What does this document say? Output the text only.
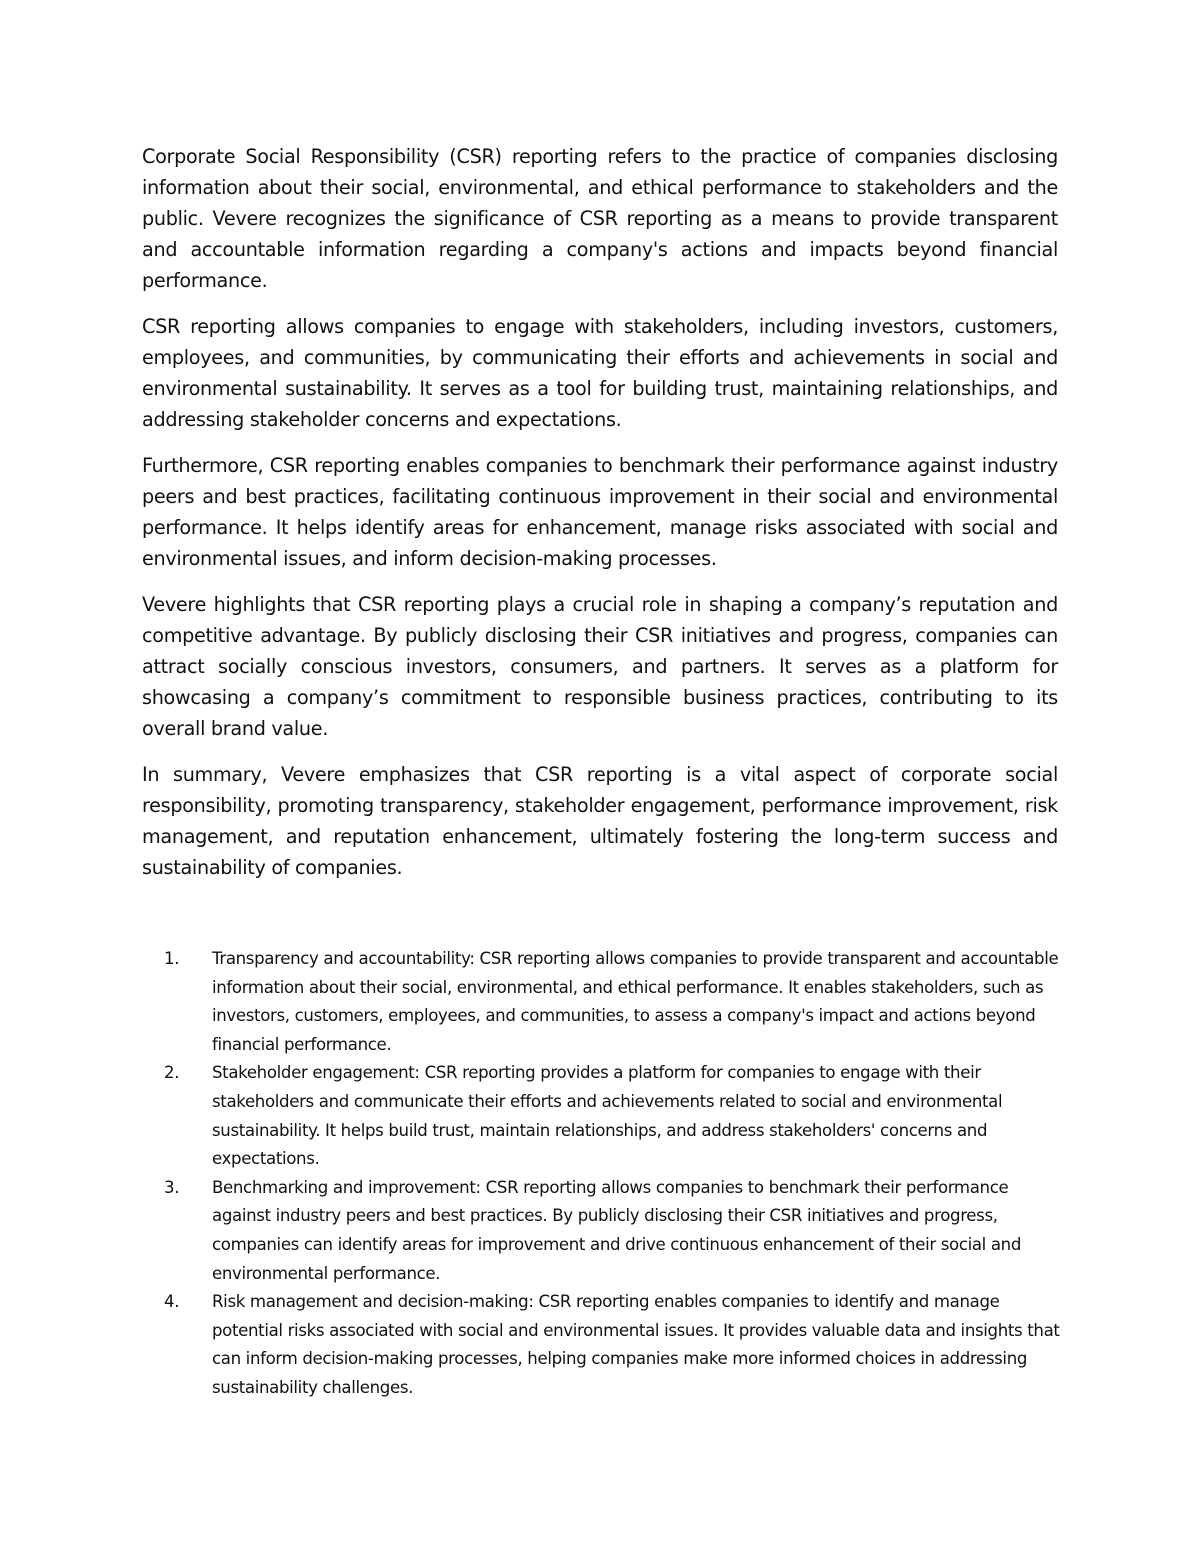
Corporate Social Responsibility (CSR) reporting refers to the practice of companies disclosing information about their social, environmental, and ethical performance to stakeholders and the public. Vevere recognizes the significance of CSR reporting as a means to provide transparent and accountable information regarding a company's actions and impacts beyond financial performance.

CSR reporting allows companies to engage with stakeholders, including investors, customers, employees, and communities, by communicating their efforts and achievements in social and environmental sustainability. It serves as a tool for building trust, maintaining relationships, and addressing stakeholder concerns and expectations.

Furthermore, CSR reporting enables companies to benchmark their performance against industry peers and best practices, facilitating continuous improvement in their social and environmental performance. It helps identify areas for enhancement, manage risks associated with social and environmental issues, and inform decision-making processes.

Vevere highlights that CSR reporting plays a crucial role in shaping a company’s reputation and competitive advantage. By publicly disclosing their CSR initiatives and progress, companies can attract socially conscious investors, consumers, and partners. It serves as a platform for showcasing a company’s commitment to responsible business practices, contributing to its overall brand value.

In summary, Vevere emphasizes that CSR reporting is a vital aspect of corporate social responsibility, promoting transparency, stakeholder engagement, performance improvement, risk management, and reputation enhancement, ultimately fostering the long-term success and sustainability of companies.

1.	Transparency and accountability: CSR reporting allows companies to provide transparent and accountable information about their social, environmental, and ethical performance. It enables stakeholders, such as investors, customers, employees, and communities, to assess a company's impact and actions beyond financial performance.
2.	Stakeholder engagement: CSR reporting provides a platform for companies to engage with their stakeholders and communicate their efforts and achievements related to social and environmental sustainability. It helps build trust, maintain relationships, and address stakeholders' concerns and expectations.
3.	Benchmarking and improvement: CSR reporting allows companies to benchmark their performance against industry peers and best practices. By publicly disclosing their CSR initiatives and progress, companies can identify areas for improvement and drive continuous enhancement of their social and environmental performance.
4.	Risk management and decision-making: CSR reporting enables companies to identify and manage potential risks associated with social and environmental issues. It provides valuable data and insights that can inform decision-making processes, helping companies make more informed choices in addressing sustainability challenges.
